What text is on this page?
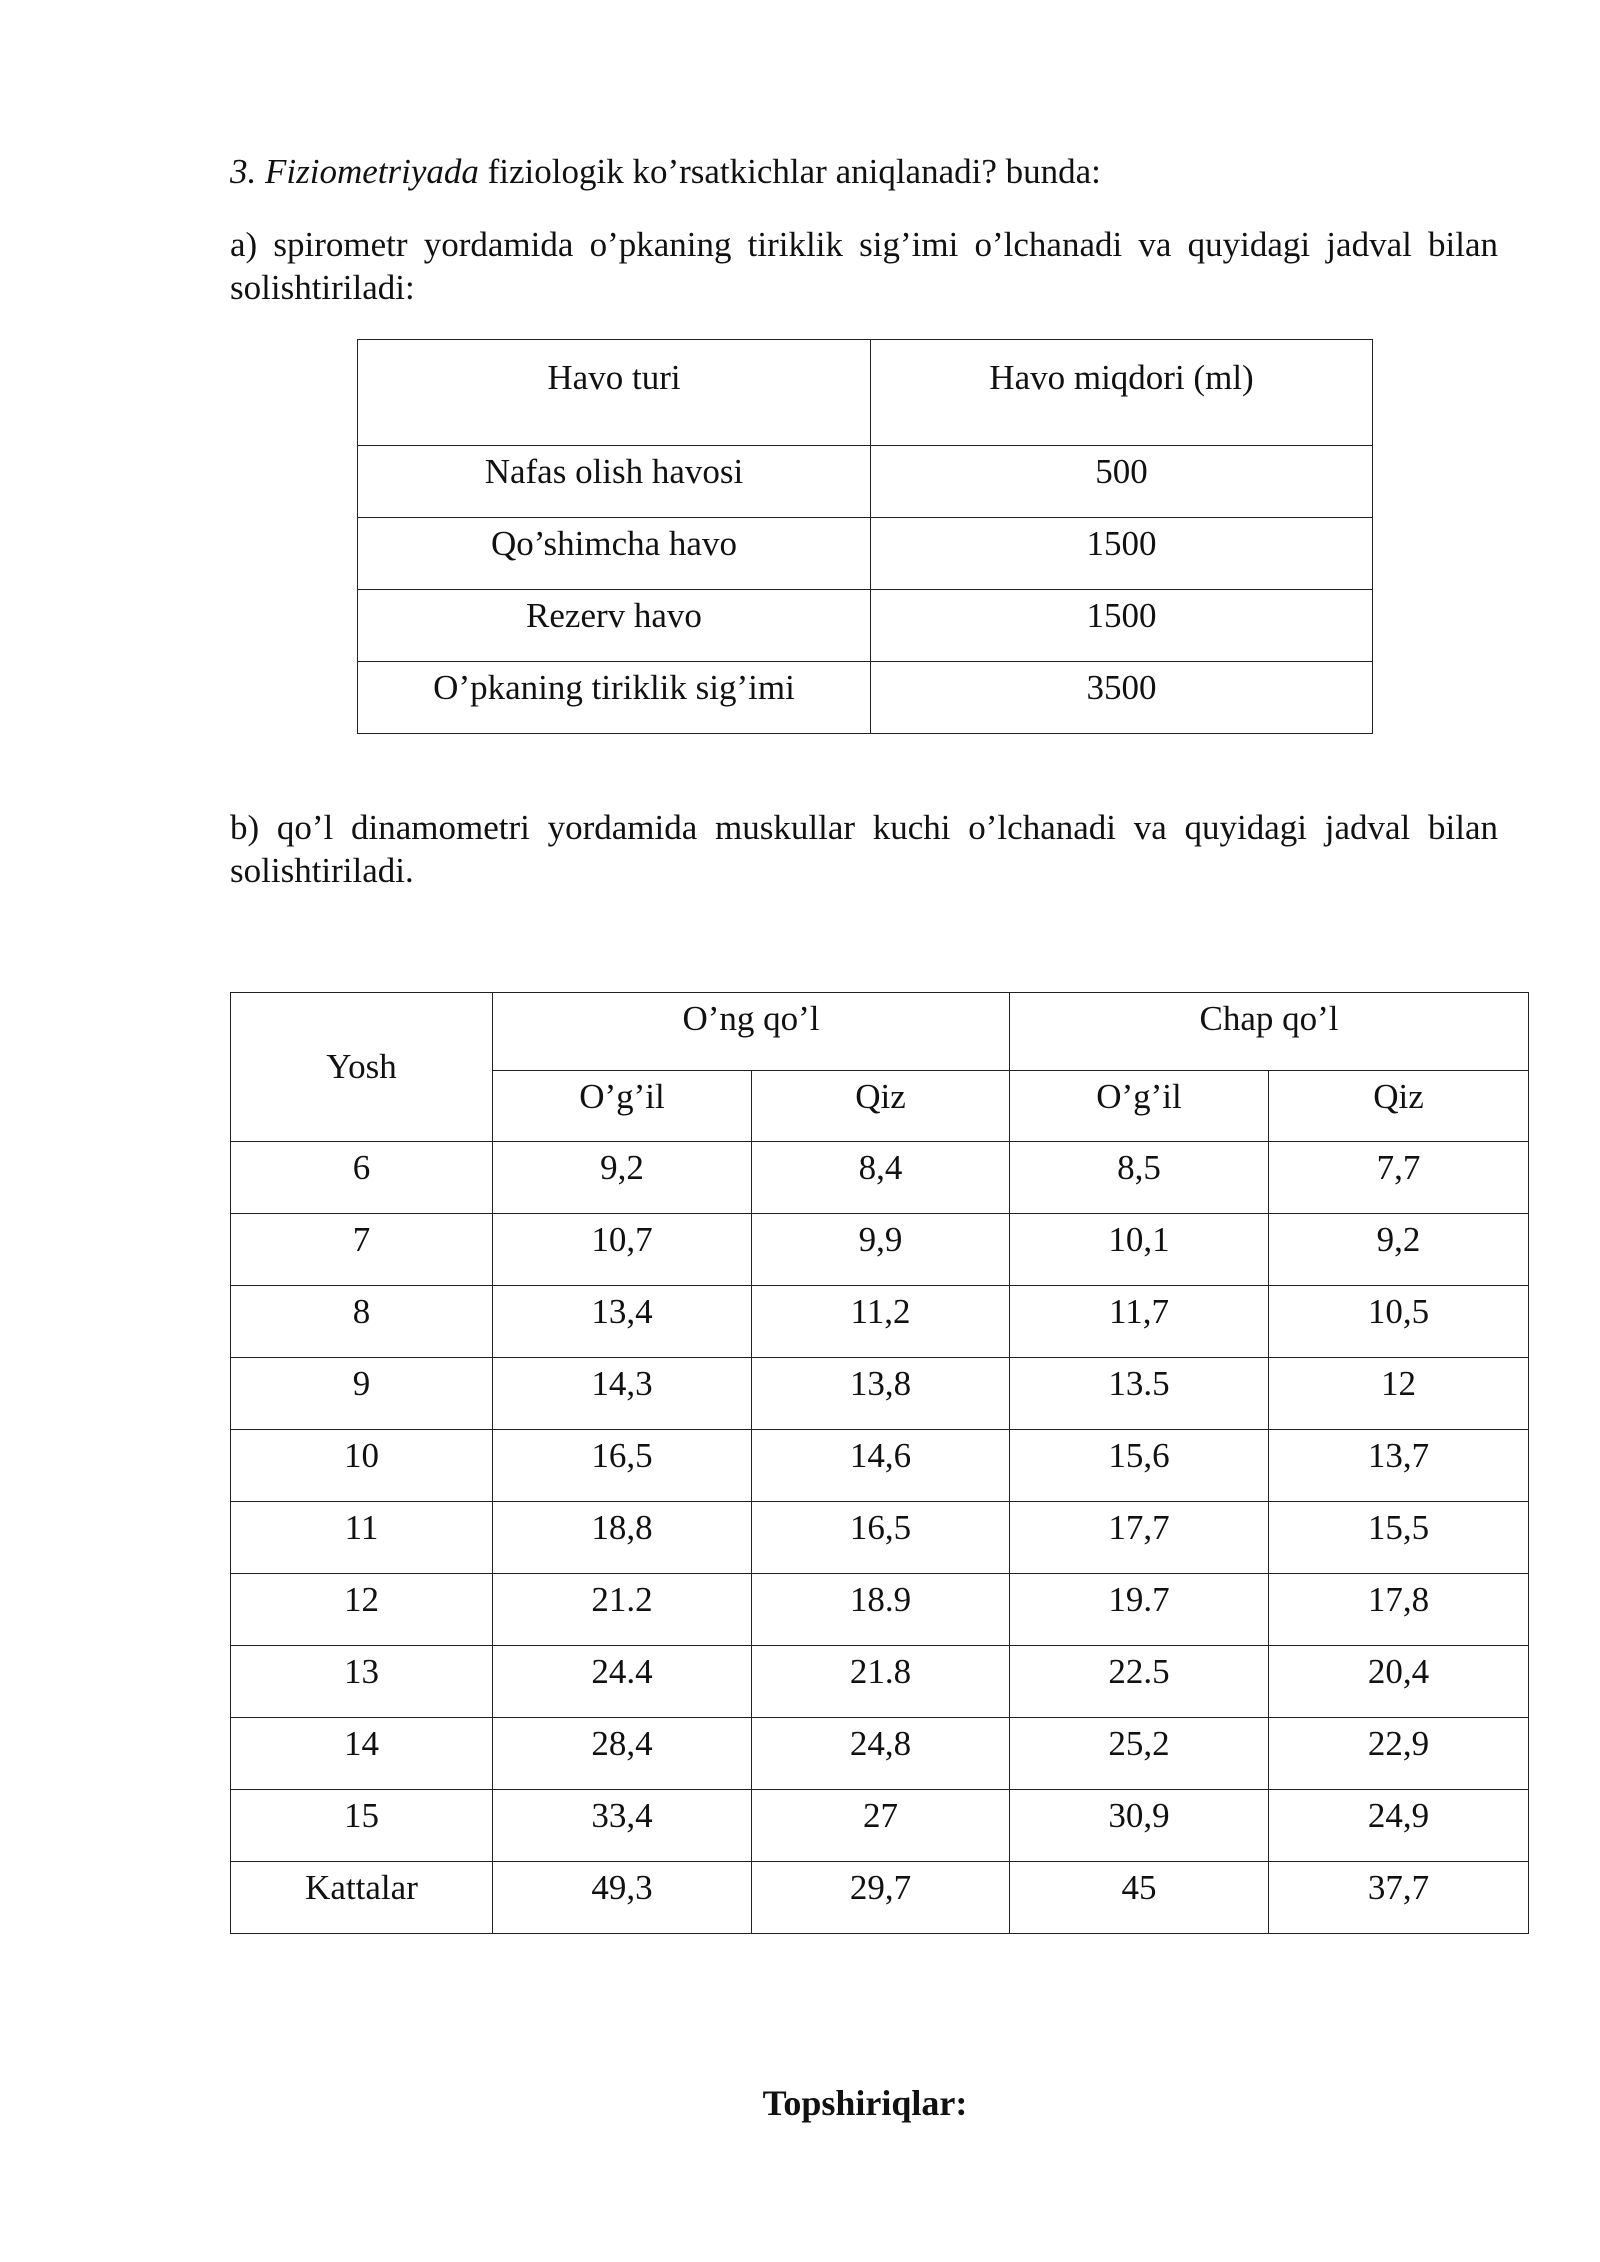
3. Fiziometriyada fiziologik ko’rsatkichlar aniqlanadi? bunda:

a) spirometr yordamida o’pkaning tiriklik sig’imi o’lchanadi va quyidagi jadval bilan solishtiriladi:

Havo turi	Havo miqdori (ml)
Nafas olish havosi	500
Qo’shimcha havo	1500
Rezerv havo	1500
O’pkaning tiriklik sig’imi	3500

b) qo’l dinamometri yordamida muskullar kuchi o’lchanadi va quyidagi jadval bilan solishtiriladi.

Yosh	O’ng qo’l		Chap qo’l	
	O’g’il	Qiz	O’g’il	Qiz
6	9,2	8,4	8,5	7,7
7	10,7	9,9	10,1	9,2
8	13,4	11,2	11,7	10,5
9	14,3	13,8	13.5	12
10	16,5	14,6	15,6	13,7
11	18,8	16,5	17,7	15,5
12	21.2	18.9	19.7	17,8
13	24.4	21.8	22.5	20,4
14	28,4	24,8	25,2	22,9
15	33,4	27	30,9	24,9
Kattalar	49,3	29,7	45	37,7
Topshiriqlar:
